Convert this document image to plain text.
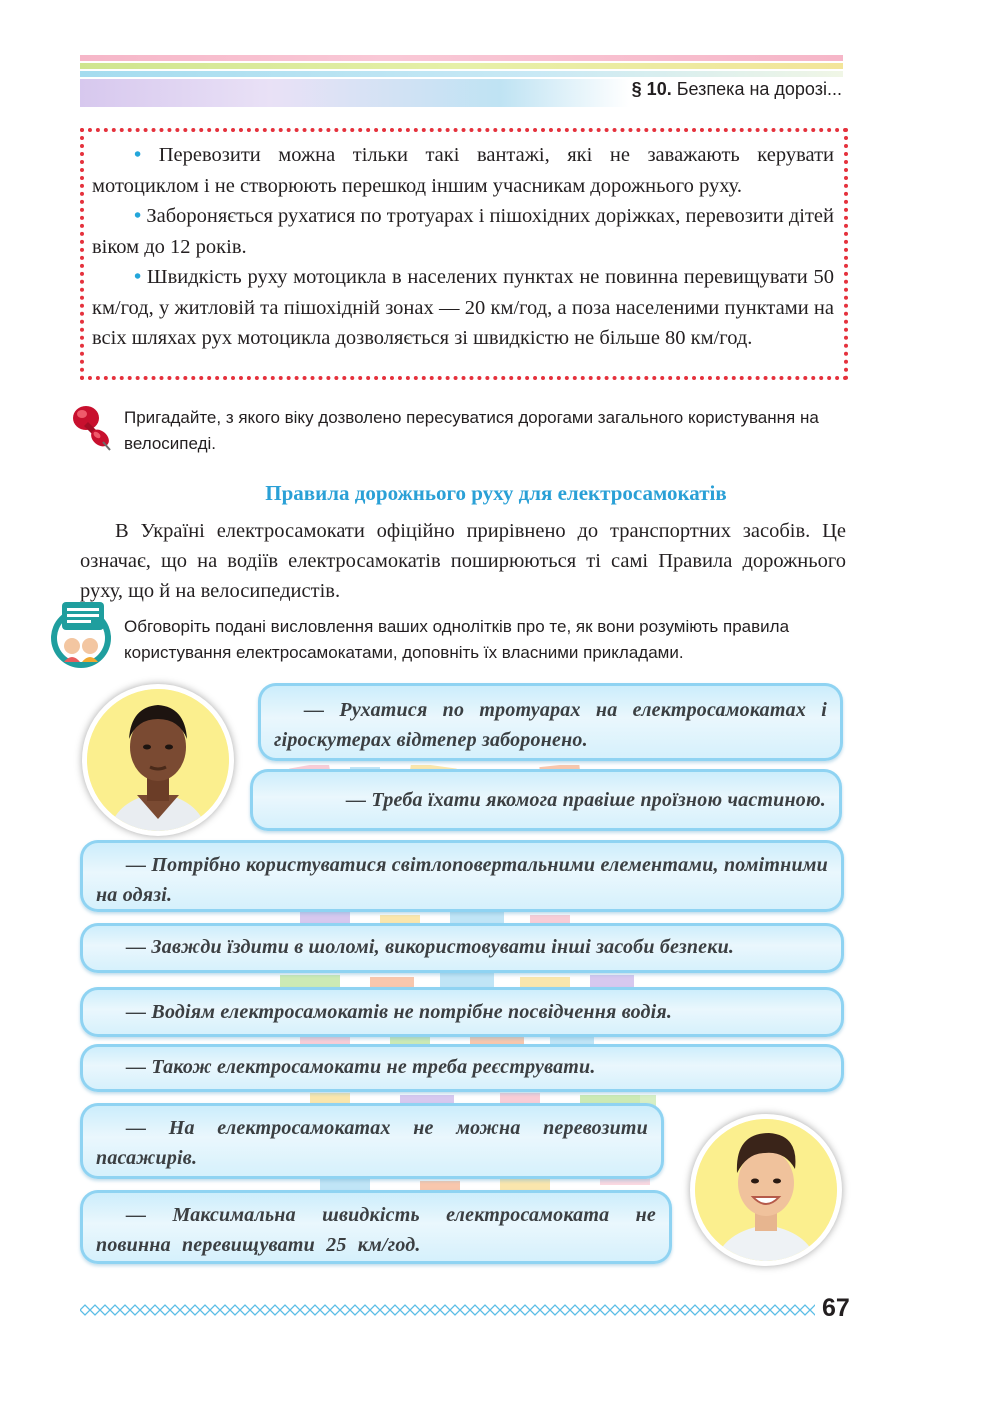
§ 10. Безпека на дорозі...

• Перевозити можна тільки такі вантажі, які не заважають керувати мотоциклом і не створюють перешкод іншим учасникам дорожнього руху.

• Забороняється рухатися по тротуарах і пішохідних доріжках, перевозити дітей віком до 12 років.

• Швидкість руху мотоцикла в населених пунктах не повинна перевищувати 50 км/год, у житловій та пішохідній зонах — 20 км/год, а поза населеними пунктами на всіх шляхах рух мотоцикла дозволяється зі швидкістю не більше 80 км/год.

Пригадайте, з якого віку дозволено пересуватися дорогами загального користування на велосипеді.
Правила дорожнього руху для електросамокатів
В Україні електросамокати офіційно прирівнено до транспортних засобів. Це означає, що на водіїв електросамокатів поширюються ті самі Правила дорожнього руху, що й на велосипедистів.
Обговоріть подані висловлення ваших однолітків про те, як вони розуміють правила користування електросамокатами, доповніть їх власними прикладами.
— Рухатися по тротуарах на електросамокатах і гіроскутерах відтепер заборонено.
— Треба їхати якомога правіше проїзною частиною.
— Потрібно користуватися світлоповертальними елементами, помітними на одязі.
— Завжди їздити в шоломі, використовувати інші засоби безпеки.
— Водіям електросамокатів не потрібне посвідчення водія.
— Також електросамокати не треба реєструвати.
— На електросамокатах не можна перевозити пасажирів.
— Максимальна швидкість електросамоката не повинна перевищувати 25 км/год.
67
